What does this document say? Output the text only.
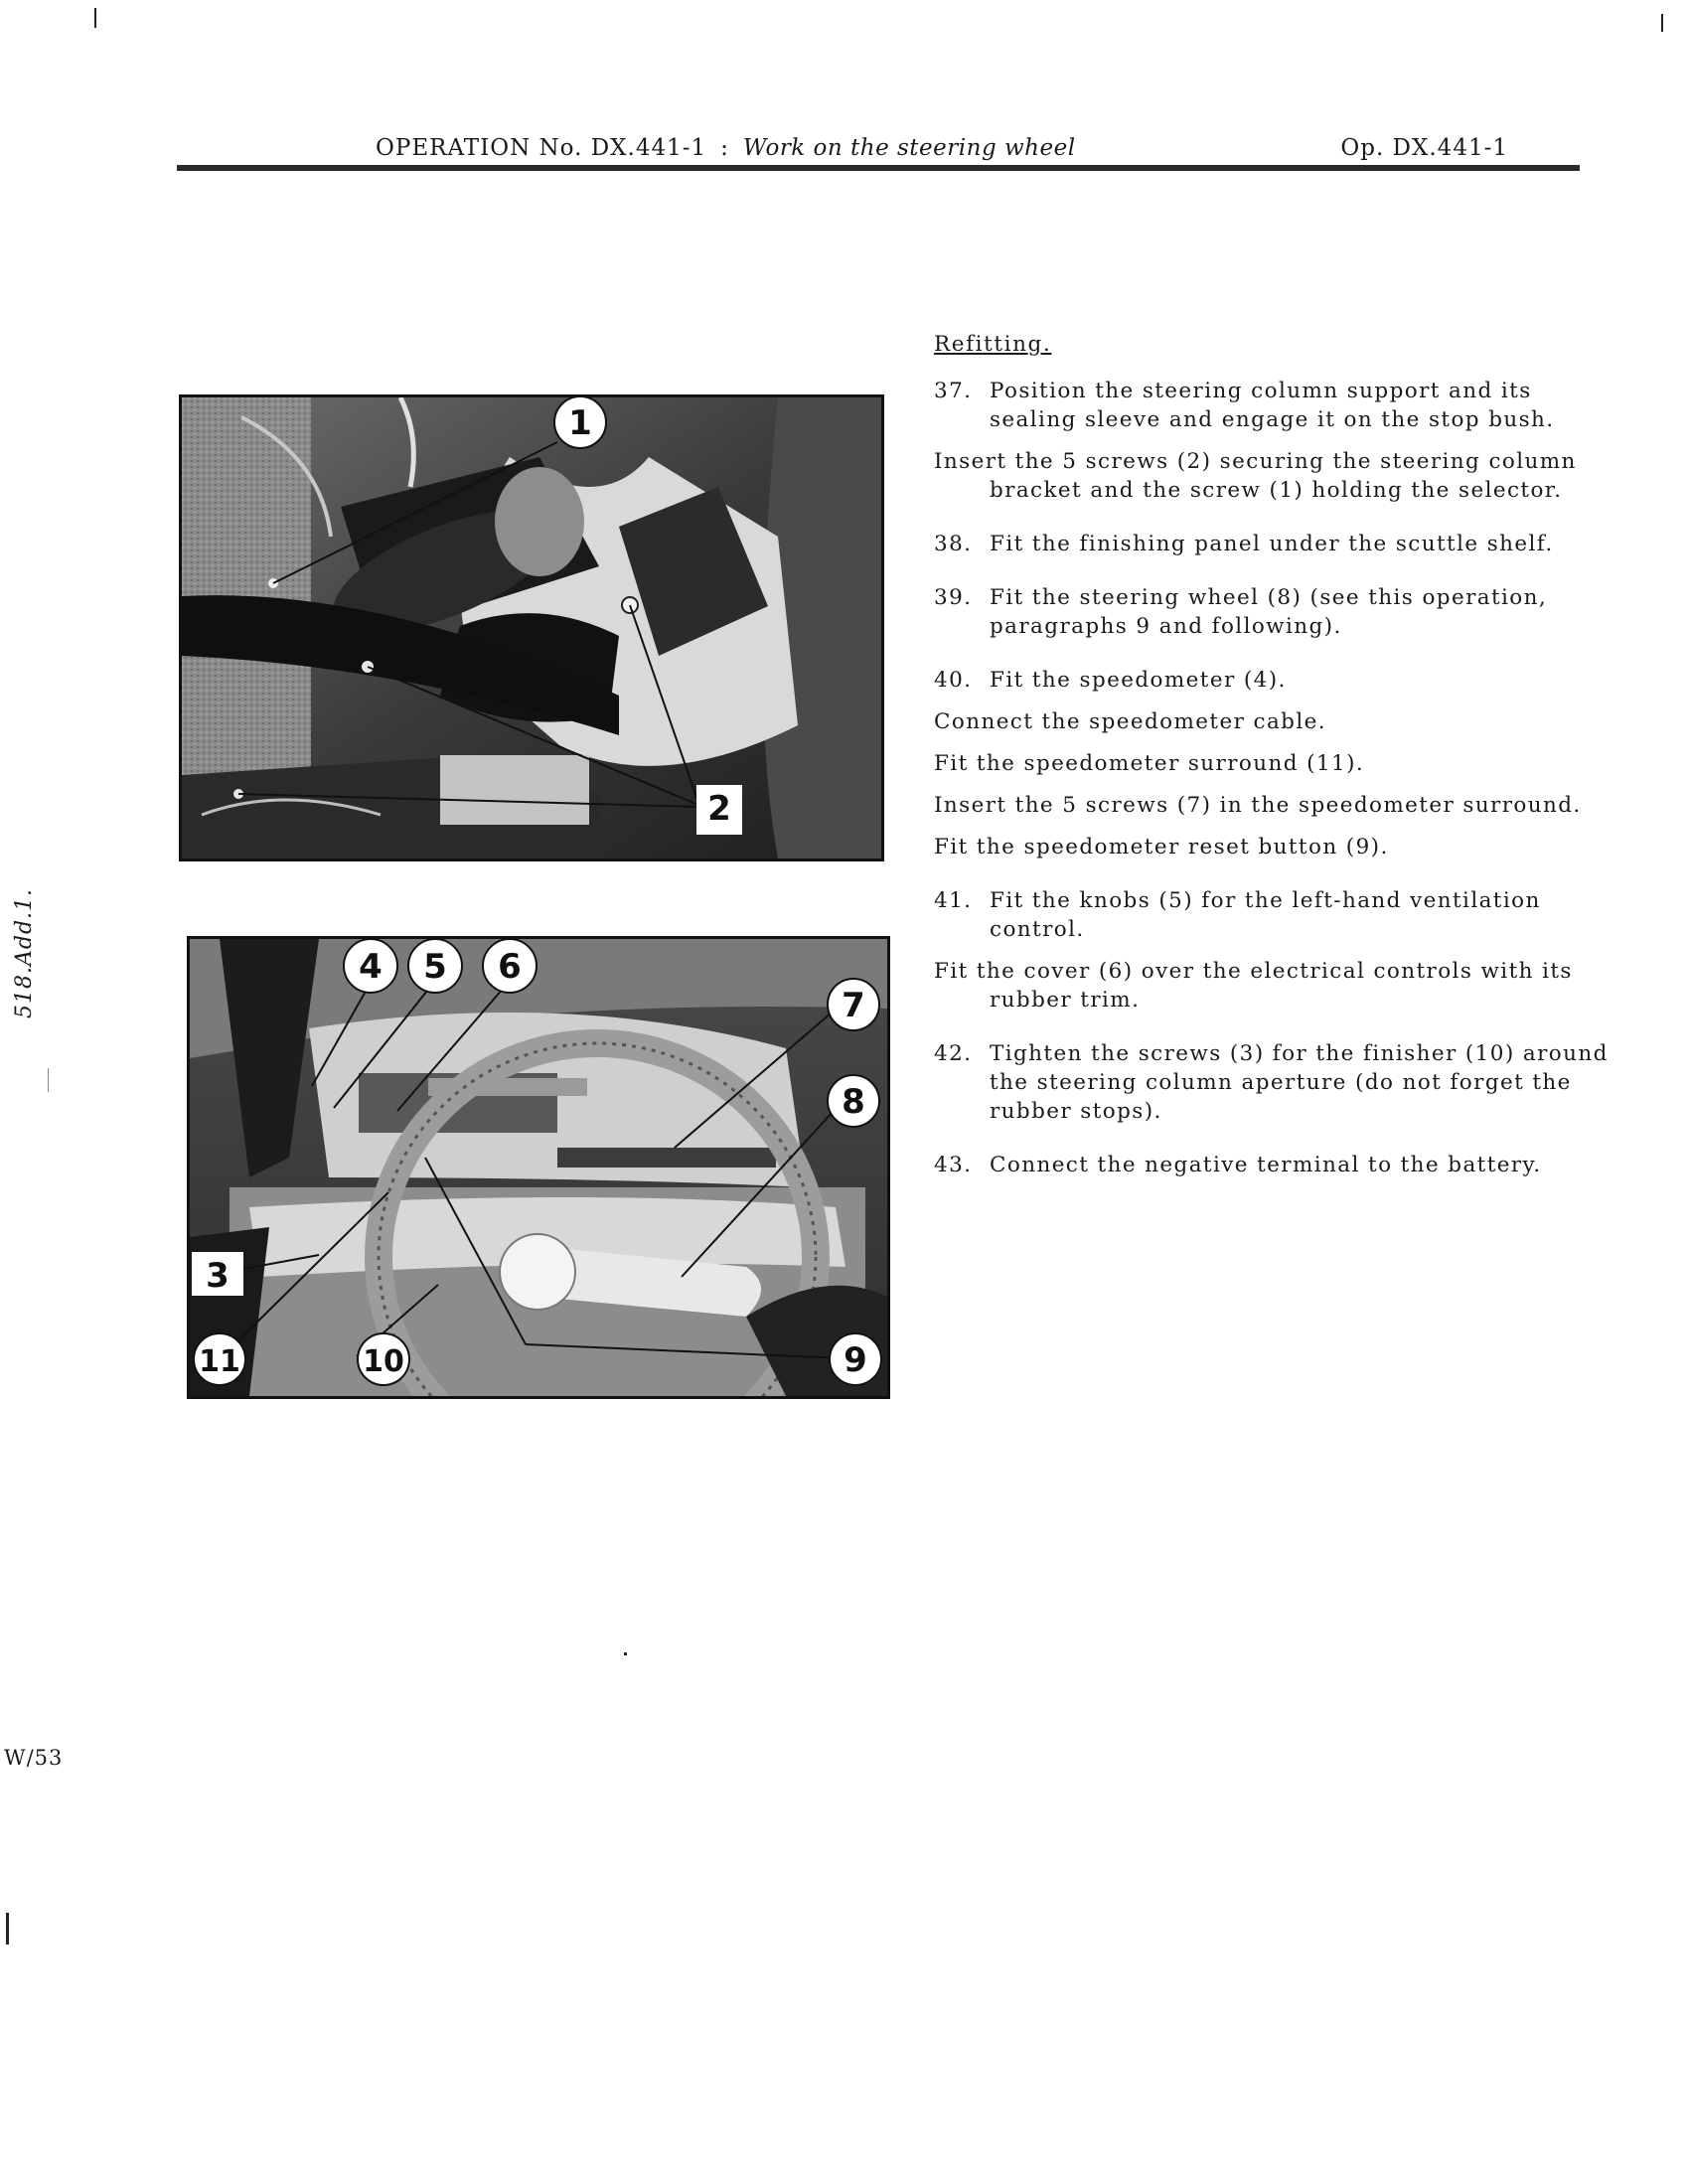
OPERATION No. DX.441-1 : Work on the steering wheel	Op. DX.441-1
518.Add.1.
W/53
1
2
4 5 6
7
8
3
11	10	9
Refitting.
37. Position the steering column support and its sealing sleeve and engage it on the stop bush.
Insert the 5 screws (2) securing the steering column bracket and the screw (1) holding the selector.
38. Fit the finishing panel under the scuttle shelf.
39. Fit the steering wheel (8) (see this operation, paragraphs 9 and following).
40. Fit the speedometer (4).
Connect the speedometer cable.
Fit the speedometer surround (11).
Insert the 5 screws (7) in the speedometer surround.
Fit the speedometer reset button (9).
41. Fit the knobs (5) for the left-hand ventilation control.
Fit the cover (6) over the electrical controls with its rubber trim.
42. Tighten the screws (3) for the finisher (10) around the steering column aperture (do not forget the rubber stops).
43. Connect the negative terminal to the battery.
